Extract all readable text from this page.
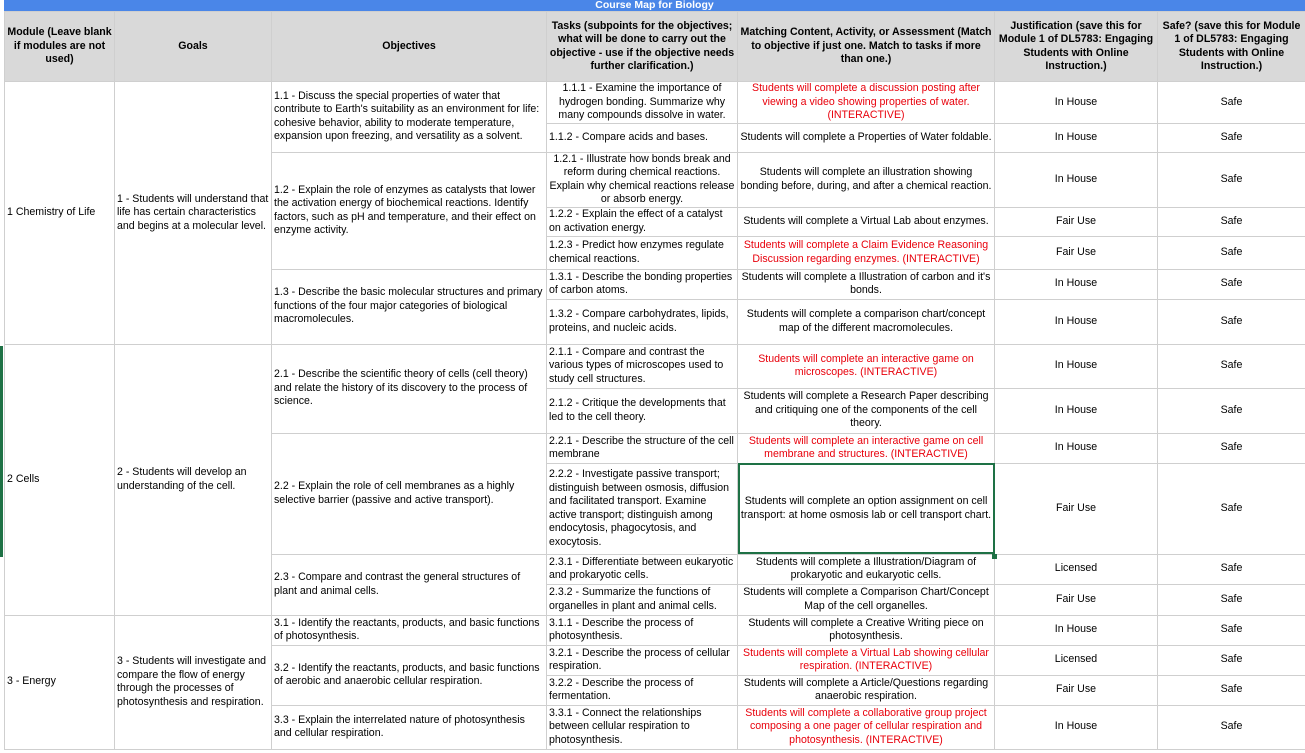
Course Map for Biology
Module (Leave blank if modules are not used)	Goals	Objectives	Tasks (subpoints for the objectives; what will be done to carry out the objective - use if the objective needs further clarification.)	Matching Content, Activity, or Assessment (Match to objective if just one. Match to tasks if more than one.)	Justification (save this for Module 1 of DL5783: Engaging Students with Online Instruction.)	Safe? (save this for Module 1 of DL5783: Engaging Students with Online Instruction.)
1 Chemistry of Life	1 - Students will understand that life has certain characteristics and begins at a molecular level.	1.1 - Discuss the special properties of water that contribute to Earth's suitability as an environment for life: cohesive behavior, ability to moderate temperature, expansion upon freezing, and versatility as a solvent.	1.1.1 - Examine the importance of hydrogen bonding. Summarize why many compounds dissolve in water.	Students will complete a discussion posting after viewing a video showing properties of water. (INTERACTIVE)	In House	Safe
			1.1.2 - Compare acids and bases.	Students will complete a Properties of Water foldable.	In House	Safe
		1.2 - Explain the role of enzymes as catalysts that lower the activation energy of biochemical reactions. Identify factors, such as pH and temperature, and their effect on enzyme activity.	1.2.1 - Illustrate how bonds break and reform during chemical reactions. Explain why chemical reactions release or absorb energy.	Students will complete an illustration showing bonding before, during, and after a chemical reaction.	In House	Safe
			1.2.2 - Explain the effect of a catalyst on activation energy.	Students will complete a Virtual Lab about enzymes.	Fair Use	Safe
			1.2.3 - Predict how enzymes regulate chemical reactions.	Students will complete a Claim Evidence Reasoning Discussion regarding enzymes. (INTERACTIVE)	Fair Use	Safe
		1.3 - Describe the basic molecular structures and primary functions of the four major categories of biological macromolecules.	1.3.1 - Describe the bonding properties of carbon atoms.	Students will complete a Illustration of carbon and it's bonds.	In House	Safe
			1.3.2 - Compare carbohydrates, lipids, proteins, and nucleic acids.	Students will complete a comparison chart/concept map of the different macromolecules.	In House	Safe
2 Cells	2 - Students will develop an understanding of the cell.	2.1 - Describe the scientific theory of cells (cell theory) and relate the history of its discovery to the process of science.	2.1.1 - Compare and contrast the various types of microscopes used to study cell structures.	Students will complete an interactive game on microscopes. (INTERACTIVE)	In House	Safe
			2.1.2 - Critique the developments that led to the cell theory.	Students will complete a Research Paper describing and critiquing one of the components of the cell theory.	In House	Safe
		2.2 - Explain the role of cell membranes as a highly selective barrier (passive and active transport).	2.2.1 - Describe the structure of the cell membrane	Students will complete an interactive game on cell membrane and structures. (INTERACTIVE)	In House	Safe
			2.2.2 - Investigate passive transport; distinguish between osmosis, diffusion and facilitated transport. Examine active transport; distinguish among endocytosis, phagocytosis, and exocytosis.	Students will complete an option assignment on cell transport: at home osmosis lab or cell transport chart.	Fair Use	Safe
		2.3 - Compare and contrast the general structures of plant and animal cells.	2.3.1 - Differentiate between eukaryotic and prokaryotic cells.	Students will complete a Illustration/Diagram of prokaryotic and eukaryotic cells.	Licensed	Safe
			2.3.2 - Summarize the functions of organelles in plant and animal cells.	Students will complete a Comparison Chart/Concept Map of the cell organelles.	Fair Use	Safe
3 - Energy	3 - Students will investigate and compare the flow of energy through the processes of photosynthesis and respiration.	3.1 - Identify the reactants, products, and basic functions of photosynthesis.	3.1.1 - Describe the process of photosynthesis.	Students will complete a Creative Writing piece on photosynthesis.	In House	Safe
		3.2 - Identify the reactants, products, and basic functions of aerobic and anaerobic cellular respiration.	3.2.1 - Describe the process of cellular respiration.	Students will complete a Virtual Lab showing cellular respiration. (INTERACTIVE)	Licensed	Safe
			3.2.2 - Describe the process of fermentation.	Students will complete a Article/Questions regarding anaerobic respiration.	Fair Use	Safe
		3.3 - Explain the interrelated nature of photosynthesis and cellular respiration.	3.3.1 - Connect the relationships between cellular respiration to photosynthesis.	Students will complete a collaborative group project composing a one pager of cellular respiration and photosynthesis. (INTERACTIVE)	In House	Safe
